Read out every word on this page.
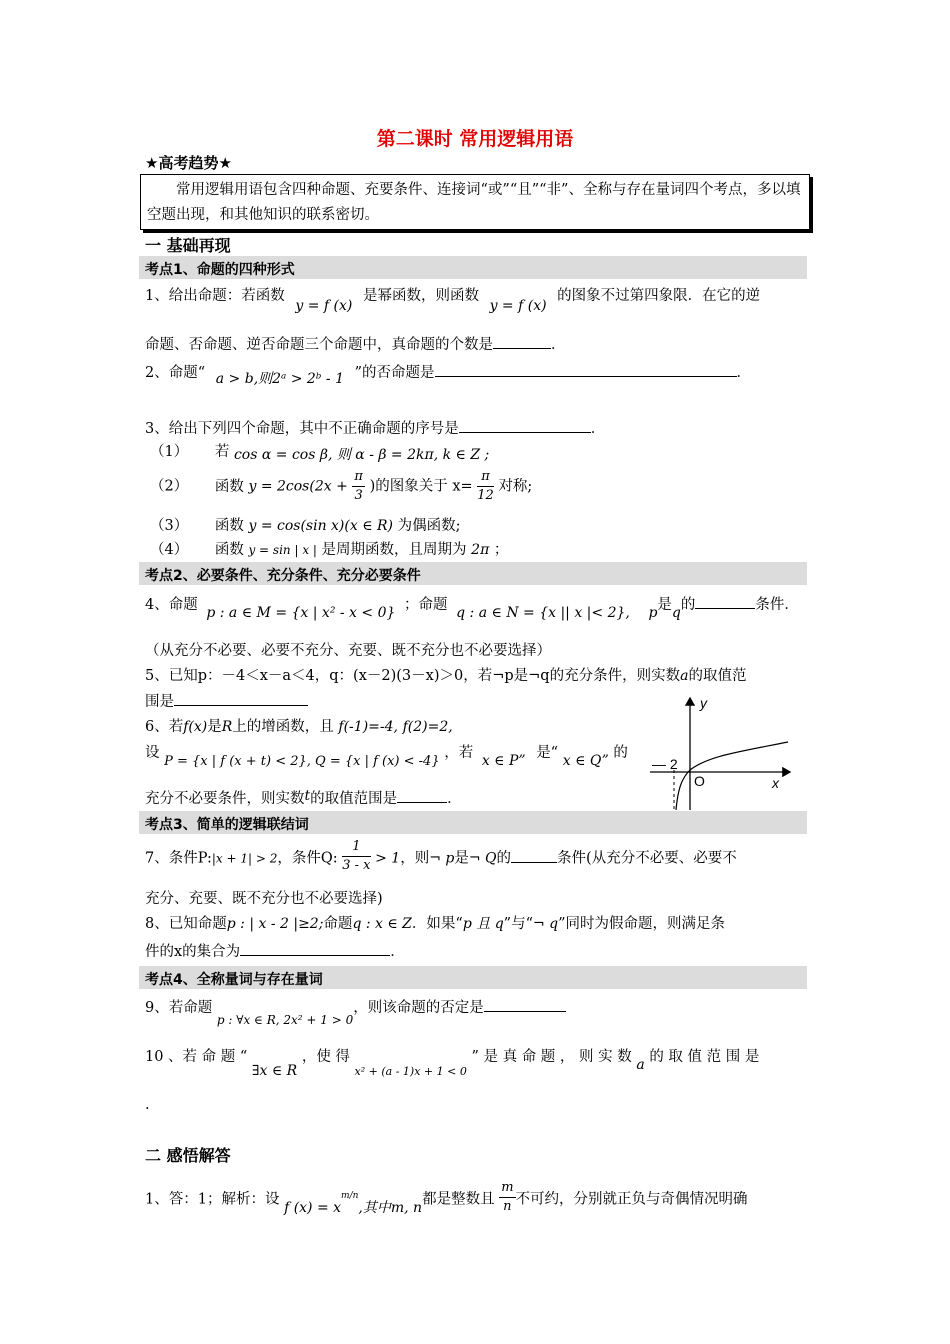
第二课时 常用逻辑用语
★高考趋势★
常用逻辑用语包含四种命题、充要条件、连接词“或”“且”“非”、全称与存在量词四个考点，多以填空题出现，和其他知识的联系密切。
一 基础再现
考点1、命题的四种形式
1、给出命题：若函数 y = f (x) 是幂函数，则函数 y = f (x) 的图象不过第四象限．在它的逆
命题、否命题、逆否命题三个命题中，真命题的个数是	．
2、命题“ a > b,则2ᵃ > 2ᵇ - 1 ”的否命题是	．
3、给出下列四个命题，其中不正确命题的序号是	．
（1） 若 cos α = cos β, 则 α - β = 2kπ, k ∈ Z ;
（2） 函数 $y = 2\cos(2x + \frac{\pi}{3}$ )的图象关于 $x= \frac{\pi}{12}$ 对称;
（3） 函数 y = cos(sin x)(x ∈ R) 为偶函数;
（4） 函数 y = sin | x | 是周期函数，且周期为 2π ；
考点2、必要条件、充分条件、充分必要条件
4、命题 p : a ∈ M = {x | x² - x < 0} ；命题 q : a ∈ N = {x || x |< 2}, p是q的	条件．
（从充分不必要、必要不充分、充要、既不充分也不必要选择）
5、已知p：－4＜x－a＜4，q：(x－2)(3－x)＞0，若¬p是¬q的充分条件，则实数a的取值范
围是
6、若f(x)是R上的增函数，且 f(-1)=-4, f(2)=2,
设 P = {x | f (x + t) < 2}, Q = {x | f (x) < -4} ，若 x ∈ P” 是“ x ∈ Q” 的
充分不必要条件，则实数t的取值范围是	．
— 2
O	x
y
考点3、简单的逻辑联结词
7、条件P:|x + 1| > 2，条件Q: $\frac{1}{3 - x} > 1$，则¬ p是¬ Q的	条件(从充分不必要、必要不
充分、充要、既不充分也不必要选择)
8、已知命题p : | x - 2 |≥2;命题q : x ∈ Z．如果“p 且 q”与“¬ q”同时为假命题，则满足条
件的x的集合为	．
考点4、全称量词与存在量词
9、若命题 $_{p : \forall x \in R, 2x^2 + 1 > 0}$，则该命题的否定是
10 、若 命 题 “ ∃x ∈ R ，使 得 $_{x^2 + (a - 1)x + 1 < 0}$ ” 是 真 命 题 ， 则 实 数 a 的 取 值 范 围 是
.
二 感悟解答
1、答：1；解析：设 f $(x) = x^{m/n}$,其中m, n都是整数且 $\frac{m}{n}$ 不可约，分别就正负与奇偶情况明确
